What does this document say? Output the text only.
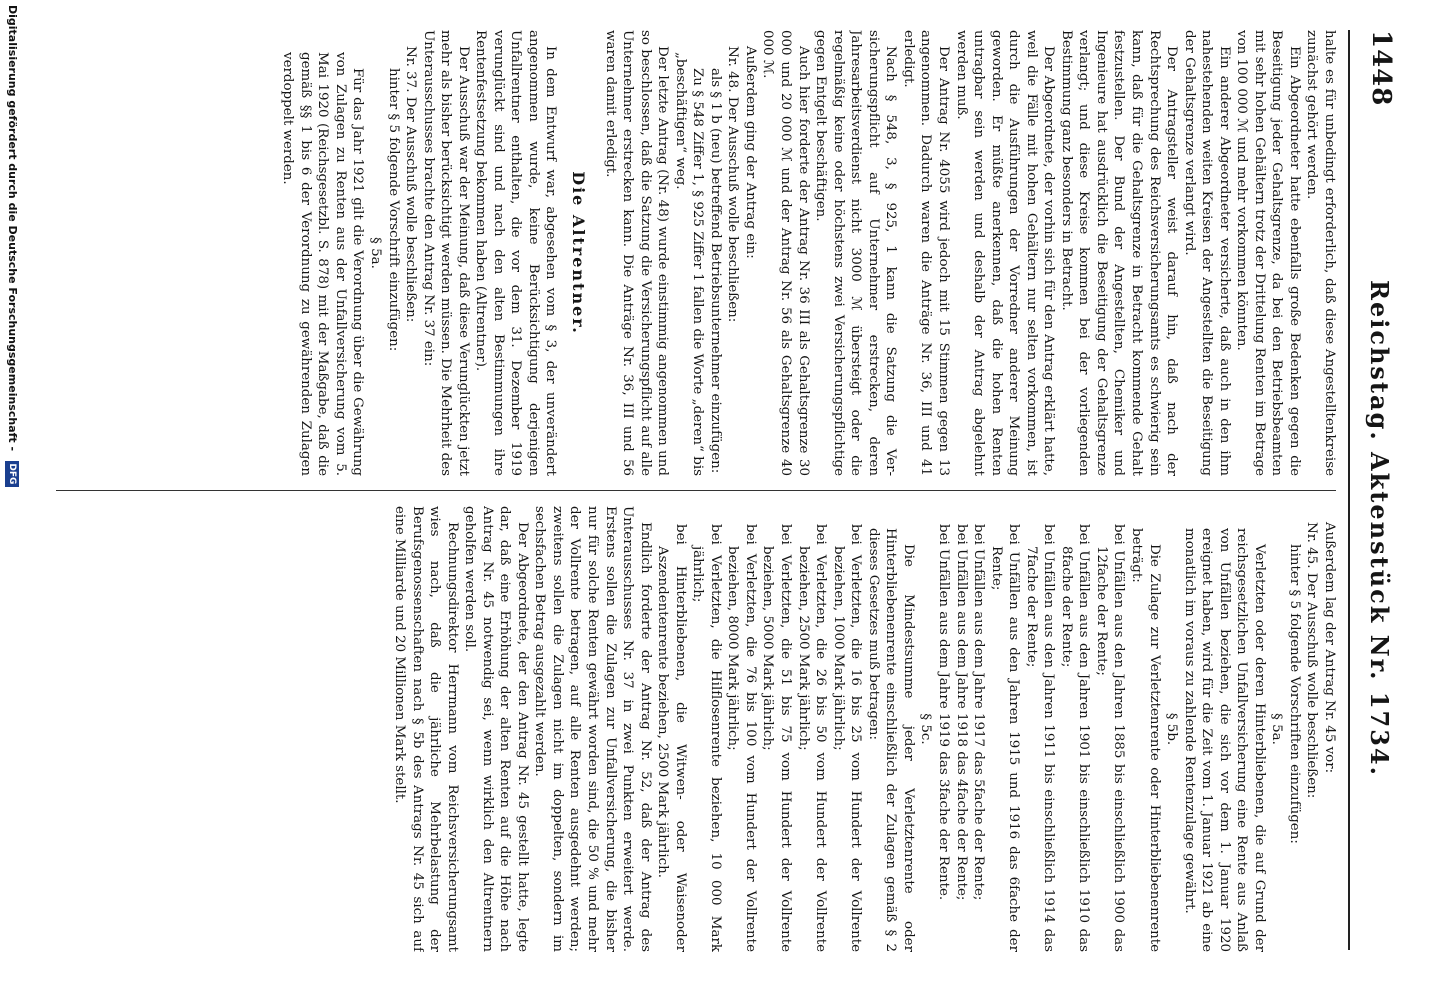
1448
Reichstag. Aktenstück Nr. 1734.

halte es für unbedingt erforderlich, daß diese Angestelltenkreise zunächst gehört werden.

Ein Abgeordneter hatte ebenfalls große Bedenken gegen die Beseitigung jeder Gehaltsgrenze, da bei den Betriebsbeamten mit sehr hohen Gehältern trotz der Drittelung Renten im Betrage von 100 000 ℳ und mehr vorkommen könnten.

Ein anderer Abgeordneter versicherte, daß auch in den ihm nahestehenden weiten Kreisen der Angestellten die Beseitigung der Gehaltsgrenze verlangt wird.

Der Antragsteller weist darauf hin, daß nach der Rechtsprechung des Reichsversicherungsamts es schwierig sein kann, daß für die Gehaltsgrenze in Betracht kommende Gehalt festzustellen. Der Bund der Angestellten, Chemiker und Ingenieure hat ausdrücklich die Beseitigung der Gehaltsgrenze verlangt; und diese Kreise kommen bei der vorliegenden Bestimmung ganz besonders in Betracht.

Der Abgeordnete, der vorhin sich für den Antrag erklärt hatte, weil die Fälle mit hohen Gehältern nur selten vorkommen, ist durch die Ausführungen der Vorredner anderer Meinung geworden. Er müßte anerkennen, daß die hohen Renten untragbar sein werden und deshalb der Antrag abgelehnt werden muß.

Der Antrag Nr. 4055 wird jedoch mit 15 Stimmen gegen 13 angenommen. Dadurch waren die Anträge Nr. 36, III und 41 erledigt.

Nach § 548, 3, § 925, 1 kann die Satzung die Versicherungspflicht auf Unternehmer erstrecken, deren Jahresarbeitsverdienst nicht 3000 ℳ übersteigt oder die regelmäßig keine oder höchstens zwei Versicherungspflichtige gegen Entgelt beschäftigen.

Auch hier forderte der Antrag Nr. 36 III als Gehaltsgrenze 30 000 und 20 000 ℳ und der Antrag Nr. 56 als Gehaltsgrenze 40 000 ℳ.

Außerdem ging der Antrag ein:

Nr. 48. Der Ausschuß wolle beschließen:

als § 1 b (neu) betreffend Betriebsunternehmer einzufügen:

Zu § 548 Ziffer 1, § 925 Ziffer 1 fallen die Worte „deren“ bis „beschäftigen“ weg.

Der letzte Antrag (Nr. 48) wurde einstimmig angenommen und so beschlossen, daß die Satzung die Versicherungspflicht auf alle Unternehmer erstrecken kann. Die Anträge Nr. 36, III und 56 waren damit erledigt.

Die Altrentner.

In dem Entwurf war, abgesehen vom § 3, der unverändert angenommen wurde, keine Berücksichtigung derjenigen Unfallrentner enthalten, die vor dem 31. Dezember 1919 verunglückt sind und nach den alten Bestimmungen ihre Rentenfestsetzung bekommen haben (Altrentner).

Der Ausschuß war der Meinung, daß diese Verunglückten jetzt mehr als bisher berücksichtigt werden müssen. Die Mehrheit des Unterausschusses brachte den Antrag Nr. 37 ein:

Nr. 37. Der Ausschuß wolle beschließen:

hinter § 5 folgende Vorschrift einzufügen:

§ 5a.

Für das Jahr 1921 gilt die Verordnung über die Gewährung von Zulagen zu Renten aus der Unfallversicherung vom 5. Mai 1920 (Reichsgesetzbl. S. 878) mit der Maßgabe, daß die gemäß §§ 1 bis 6 der Verordnung zu gewährenden Zulagen verdoppelt werden.

Außerdem lag der Antrag Nr. 45 vor:

Nr. 45. Der Ausschuß wolle beschließen:

hinter § 5 folgende Vorschriften einzufügen:

§ 5a.

Verletzten oder deren Hinterbliebenen, die auf Grund der reichsgesetzlichen Unfallversicherung eine Rente aus Anlaß von Unfällen beziehen, die sich vor dem 1. Januar 1920 ereignet haben, wird für die Zeit vom 1. Januar 1921 ab eine monatlich im voraus zu zahlende Rentenzulage gewährt.

§ 5b.

Die Zulage zur Verletztenrente oder Hinterbliebenenrente beträgt:

bei Unfällen aus den Jahren 1885 bis einschließlich 1900 das 12fache der Rente;

bei Unfällen aus den Jahren 1901 bis einschließlich 1910 das 8fache der Rente;

bei Unfällen aus den Jahren 1911 bis einschließlich 1914 das 7fache der Rente;

bei Unfällen aus den Jahren 1915 und 1916 das 6fache der Rente;

bei Unfällen aus dem Jahre 1917 das 5fache der Rente;

bei Unfällen aus dem Jahre 1918 das 4fache der Rente;

bei Unfällen aus dem Jahre 1919 das 3fache der Rente.

§ 5c.

Die Mindestsumme jeder Verletztenrente oder Hinterbliebenenrente einschließlich der Zulagen gemäß § 2 dieses Gesetzes muß betragen:

bei Verletzten, die 16 bis 25 vom Hundert der Vollrente beziehen, 1000 Mark jährlich;

bei Verletzten, die 26 bis 50 vom Hundert der Vollrente beziehen, 2500 Mark jährlich;

bei Verletzten, die 51 bis 75 vom Hundert der Vollrente beziehen, 5000 Mark jährlich;

bei Verletzten, die 76 bis 100 vom Hundert der Vollrente beziehen, 8000 Mark jährlich;

bei Verletzten, die Hilflosenrente beziehen, 10 000 Mark jährlich;

bei Hinterbliebenen, die Witwen- oder Waisenoder Aszendentenrente beziehen, 2500 Mark jährlich.

Endlich forderte der Antrag Nr. 52, daß der Antrag des Unterausschusses Nr. 37 in zwei Punkten erweitert werde. Erstens sollen die Zulagen zur Unfallversicherung, die bisher nur für solche Renten gewährt worden sind, die 50 % und mehr der Vollrente betragen, auf alle Renten ausgedehnt werden; zweitens sollen die Zulagen nicht im doppelten, sondern im sechsfachen Betrag ausgezahlt werden.

Der Abgeordnete, der den Antrag Nr. 45 gestellt hatte, legte dar, daß eine Erhöhung der alten Renten auf die Höhe nach Antrag Nr. 45 notwendig sei, wenn wirklich den Altrentnern geholfen werden soll.

Rechnungsdirektor Herrmann vom Reichsversicherungsamt wies nach, daß die jährliche Mehrbelastung der Berufsgenossenschaften nach § 5b des Antrags Nr. 45 sich auf eine Milliarde und 20 Millionen Mark stellt.

Digitalisierung gefördert durch die Deutsche Forschungsgemeinschaft - DFG
